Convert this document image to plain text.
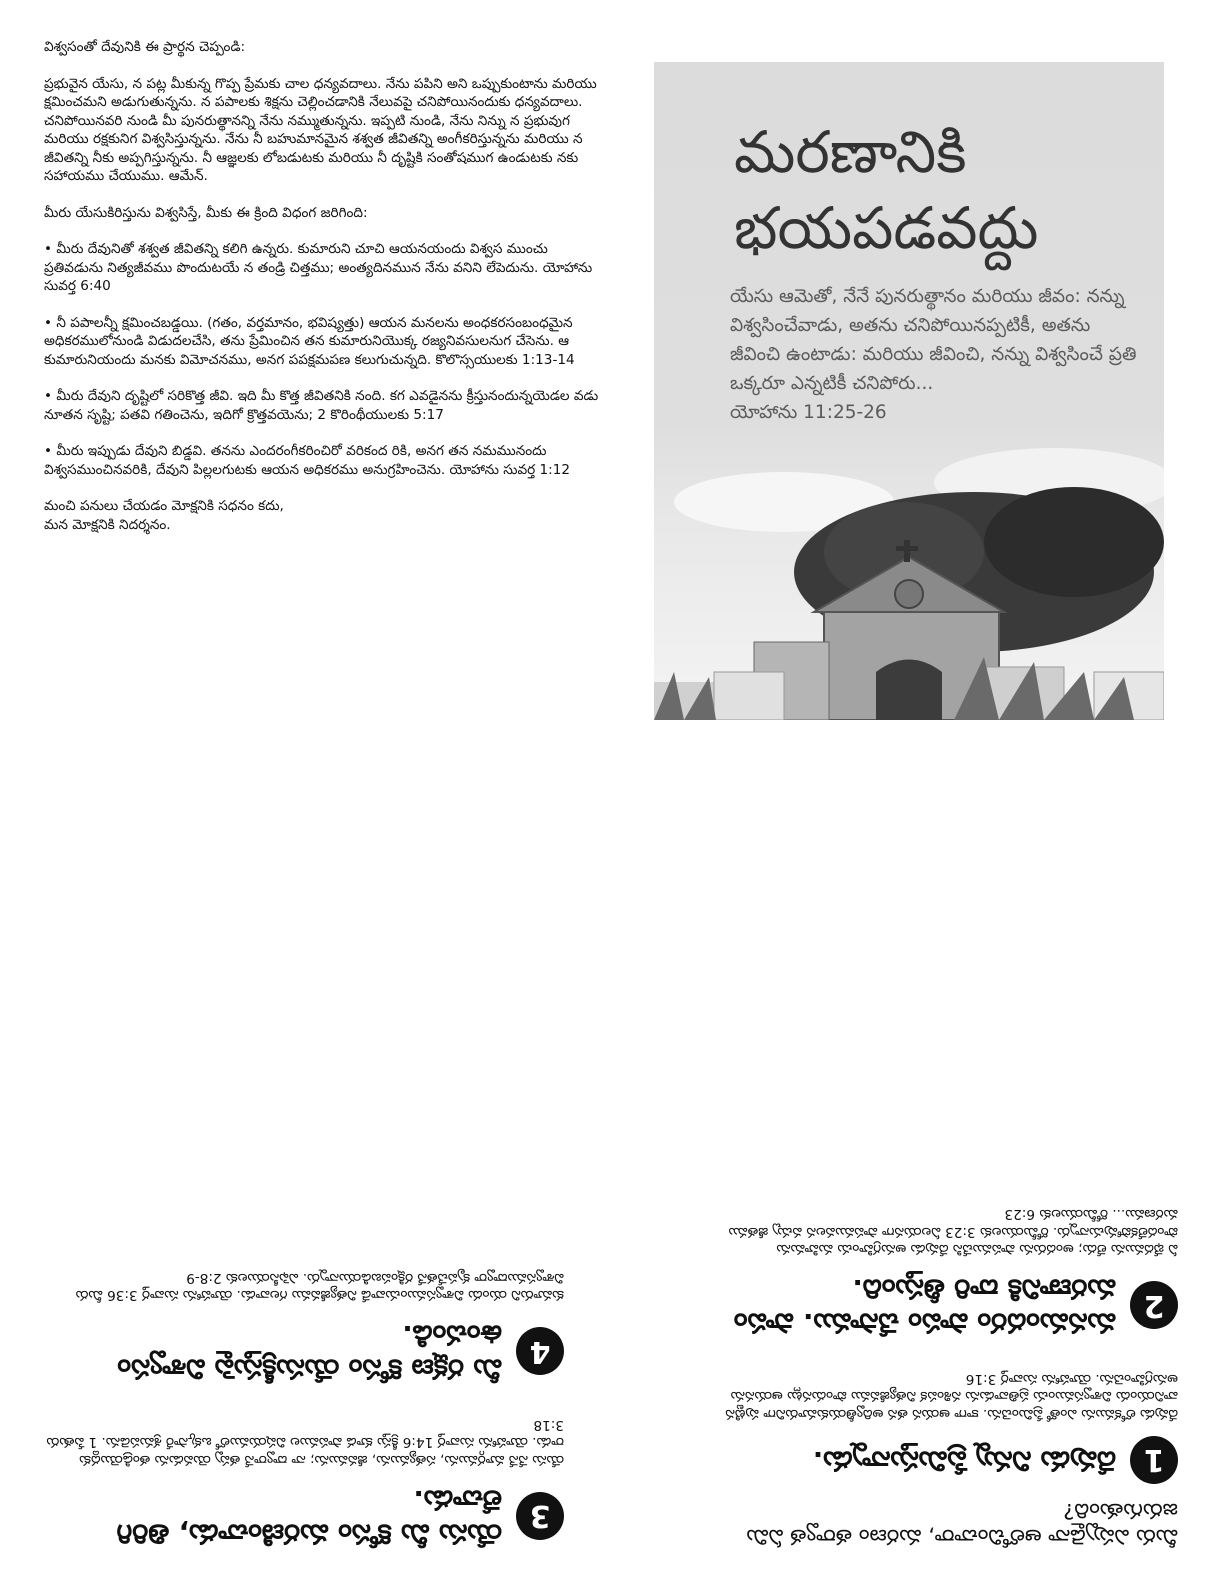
విశ్వసంతో దేవునికి ఈ ప్రార్థన చెప్పండి:

ప్రభువైన యేసు, న పట్ల మీకున్న గొప్ప ప్రేమకు చాల ధన్యవదాలు. నేను పపిని అని ఒప్పుకుంటాను మరియు క్షమించమని అడుగుతున్నను. న పపాలకు శిక్షను చెల్లించడానికి నేలువపై చనిపోయినందుకు ధన్యవదాలు. చనిపోయినవరి నుండి మీ పునరుత్థానన్ని నేను నమ్ముతున్నను. ఇప్పటి నుండి, నేను నిన్ను న ప్రభువుగ మరియు రక్షకునిగ విశ్వసిస్తున్నను. నేను నీ బహుమానమైన శశ్వత జీవితన్ని అంగీకరిస్తున్నను మరియు న జీవితన్ని నీకు అప్పగిస్తున్నను. నీ ఆజ్ఞలకు లోబడుటకు మరియు నీ దృష్టికి సంతోషముగ ఉండుటకు నకు సహాయము చేయుము. ఆమేన్.

మీరు యేసుకిరిస్తును విశ్వసిస్తే, మీకు ఈ క్రింది విధంగ జరిగింది:

• మీరు దేవునితో శశ్వత జీవితన్ని కలిగి ఉన్నరు. కుమారుని చూచి ఆయనయందు విశ్వస ముంచు ప్రతివడును నిత్యజీవము పొందుటయే న తండ్రి చిత్తము; అంత్యదినమున నేను వనిని లేపెదును. యోహాను సువర్త 6:40
• నీ పపాలన్నీ క్షమించబడ్డయి. (గతం, వర్తమానం, భవిష్యత్తు) ఆయన మనలను అంధకరసంబంధమైన అధికరములోనుండి విడుదలచేసి, తను ప్రేమించిన తన కుమారునియొక్క రజ్యనివసులనుగ చేసెను. ఆ కుమారునియందు మనకు విమోచనము, అనగ పపక్షమపణ కలుగుచున్నది. కొలొస్సయులకు 1:13-14
• మీరు దేవుని దృష్టిలో సరికొత్త జీవి. ఇది మీ కొత్త జీవితనికి నంది. కగ ఎవడైనను క్రీస్తునందున్నయెడల వడు నూతన సృష్టి; పతవి గతించెను, ఇదిగో క్రొత్తవయెను; 2 కొరింథీయులకు 5:17
• మీరు ఇప్పుడు దేవుని బిడ్డవి. తనను ఎందరంగీకరించిరో వరికంద రికి, అనగ తన నమమునందు విశ్వసముంచినవరికి, దేవుని పిల్లలగుటకు ఆయన అధికరము అనుగ్రహించెను. యోహాను సువర్త 1:12
మంచి పనులు చేయడం మోక్షనికి సధనం కదు,
మన మోక్షనికి నిదర్శనం.
మరణానికి
భయపడవద్దు
యేసు ఆమెతో, నేనే పునరుత్థానం మరియు జీవం: నన్ను విశ్వసించేవాడు, అతను చనిపోయినప్పటికీ, అతను జీవించి ఉంటాడు: మరియు జీవించి, నన్ను విశ్వసించే ప్రతి ఒక్కరూ ఎన్నటికీ చనిపోరు...
యోహాను 11:25-26
3
యేసు మీ కోసం మరణించాడు, తిరిగి లేచాడు.
యేసు నేనే మార్గమును, సత్యమును, జీవమును; నా ద్వారానే తప్ప యెవడును తండ్రియొద్దకు రాడు. యోహాను సువార్త 14:6 క్రీస్తు కూడ పాపముల విషయములో ఒక్కసారే శ్రమపడెను. 1 పేతురు 3:18
4
మీ రక్షణ కోసం యేసుక్రీస్తుపై విశ్వాసం ఉంచండి.
కుమారుని యందు విశ్వాసముంచువాడే నిత్యజీవము గలవాడు. యోహాను సువార్త 3:36 మీరు విశ్వాసముద్వారా కృపచేతనే రక్షింపబడియున్నారు. ఎఫెసీయులకు 2:8-9
మీరు ఎప్పుడైనా ఆలోచించారా, మరణం తర్వాత ఏమి జరుగుతుంది?
1
దేవుడు నిన్ను ప్రేమిస్తున్నాడు.
దేవుడు లోకమును ఎంతో ప్రేమించెను. కాగా ఆయన తన అద్వితీయకుమారునిగా పుట్టిన వానియందు విశ్వాసముంచు ప్రతివాడును నశింపక నిత్యజీవము పొందునట్లు ఆయనను అనుగ్రహించెను. యోహాను సువార్త 3:16
2
మనమందరం పాపం చేసాము. పాపం మరణానికి దారి తీస్తుంది.
ఏ భేదమును లేదు; అందరును పాపముచేసి దేవుడు అనుగ్రహించు మహిమను పొందలేకపోవుచున్నారు. రోమీయులకు 3:23 ఏలయనగా పాపమువలన వచ్చు జీతము మరణము... రోమీయులకు 6:23
